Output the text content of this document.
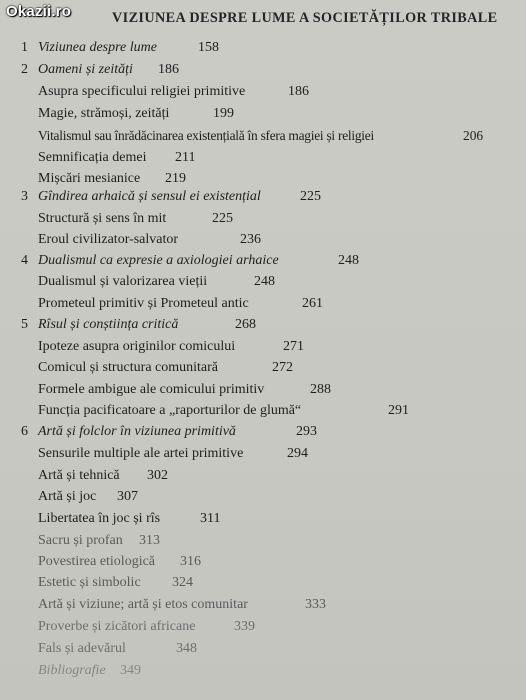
VIZIUNEA DESPRE LUME A SOCIETĂȚILOR TRIBALE
1 Viziunea despre lume	158
2 Oameni și zeități 186
Asupra specificului religiei primitive	186
Magie, strămoși, zeități	199
Vitalismul sau înrădăcinarea existențială în sfera magiei și religiei	206
Semnificația demei 211
Mișcări mesianice 219
3 Gîndirea arhaică și sensul ei existențial	225
Structură și sens în mit	225
Eroul civilizator-salvator	236
4 Dualismul ca expresie a axiologiei arhaice	248
Dualismul și valorizarea vieții	248
Prometeul primitiv și Prometeul antic	261
5 Rîsul și conștiința critică	268
Ipoteze asupra originilor comicului	271
Comicul și structura comunitară	272
Formele ambigue ale comicului primitiv	288
Funcția pacificatoare a „raporturilor de glumă“	291
6 Artă și folclor în viziunea primitivă	293
Sensurile multiple ale artei primitive	294
Artă și tehnică 302
Artă și joc 307
Libertatea în joc și rîs	311
Sacru și profan 313
Povestirea etiologică 316
Estetic și simbolic 324
Artă și viziune; artă și etos comunitar	333
Proverbe și zicători africane	339
Fals și adevărul	348
Bibliografie 349
Okazii.ro
